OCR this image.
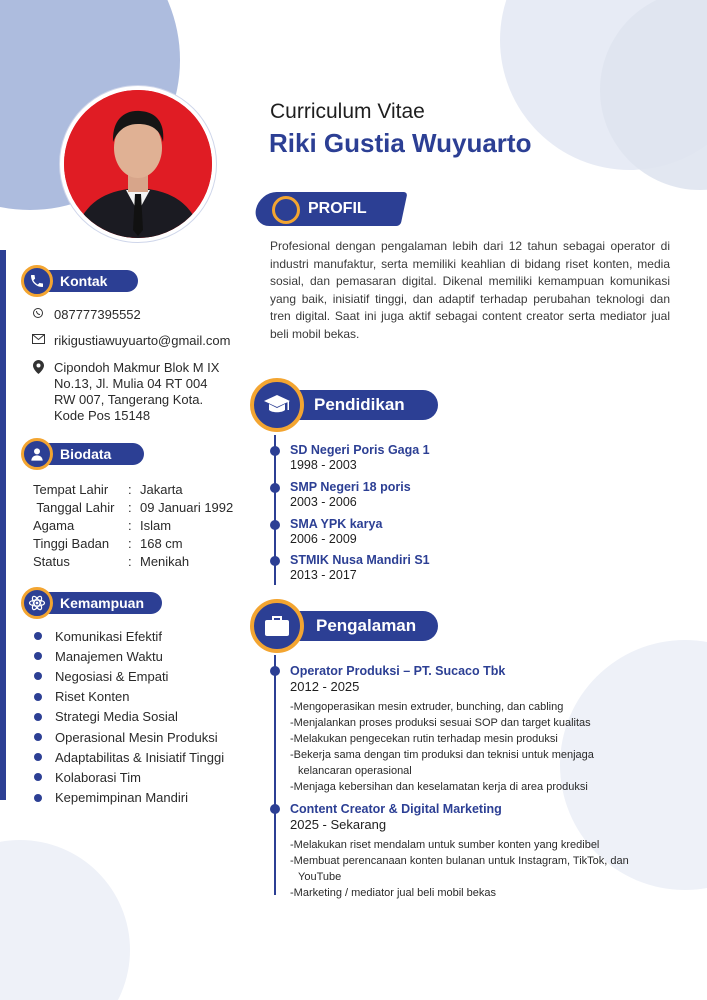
Curriculum Vitae
Riki Gustia Wuyuarto
PROFIL
Profesional dengan pengalaman lebih dari 12 tahun sebagai operator di industri manufaktur, serta memiliki keahlian di bidang riset konten, media sosial, dan pemasaran digital. Dikenal memiliki kemampuan komunikasi yang baik, inisiatif tinggi, dan adaptif terhadap perubahan teknologi dan tren digital. Saat ini juga aktif sebagai content creator serta mediator jual beli mobil bekas.
Kontak
087777395552
rikigustiawuyuarto@gmail.com
Cipondoh Makmur Blok M IX
No.13, Jl. Mulia 04 RT 004
RW 007, Tangerang Kota.
Kode Pos 15148
Biodata
Tempat Lahir	: Jakarta
Tanggal Lahir	: 09 Januari 1992
Agama	: Islam
Tinggi Badan	: 168 cm
Status	: Menikah
Kemampuan
Komunikasi Efektif
Manajemen Waktu
Negosiasi & Empati
Riset Konten
Strategi Media Sosial
Operasional Mesin Produksi
Adaptabilitas & Inisiatif Tinggi
Kolaborasi Tim
Kepemimpinan Mandiri
Pendidikan
SD Negeri Poris Gaga 1
1998 - 2003
SMP Negeri 18 poris
2003 - 2006
SMA YPK karya
2006 - 2009
STMIK Nusa Mandiri S1
2013 - 2017
Pengalaman
Operator Produksi – PT. Sucaco Tbk
2012 - 2025
-Mengoperasikan mesin extruder, bunching, dan cabling
-Menjalankan proses produksi sesuai SOP dan target kualitas
-Melakukan pengecekan rutin terhadap mesin produksi
-Bekerja sama dengan tim produksi dan teknisi untuk menjaga kelancaran operasional
-Menjaga kebersihan dan keselamatan kerja di area produksi
Content Creator & Digital Marketing
2025 - Sekarang
-Melakukan riset mendalam untuk sumber konten yang kredibel
-Membuat perencanaan konten bulanan untuk Instagram, TikTok, dan YouTube
-Marketing / mediator jual beli mobil bekas
